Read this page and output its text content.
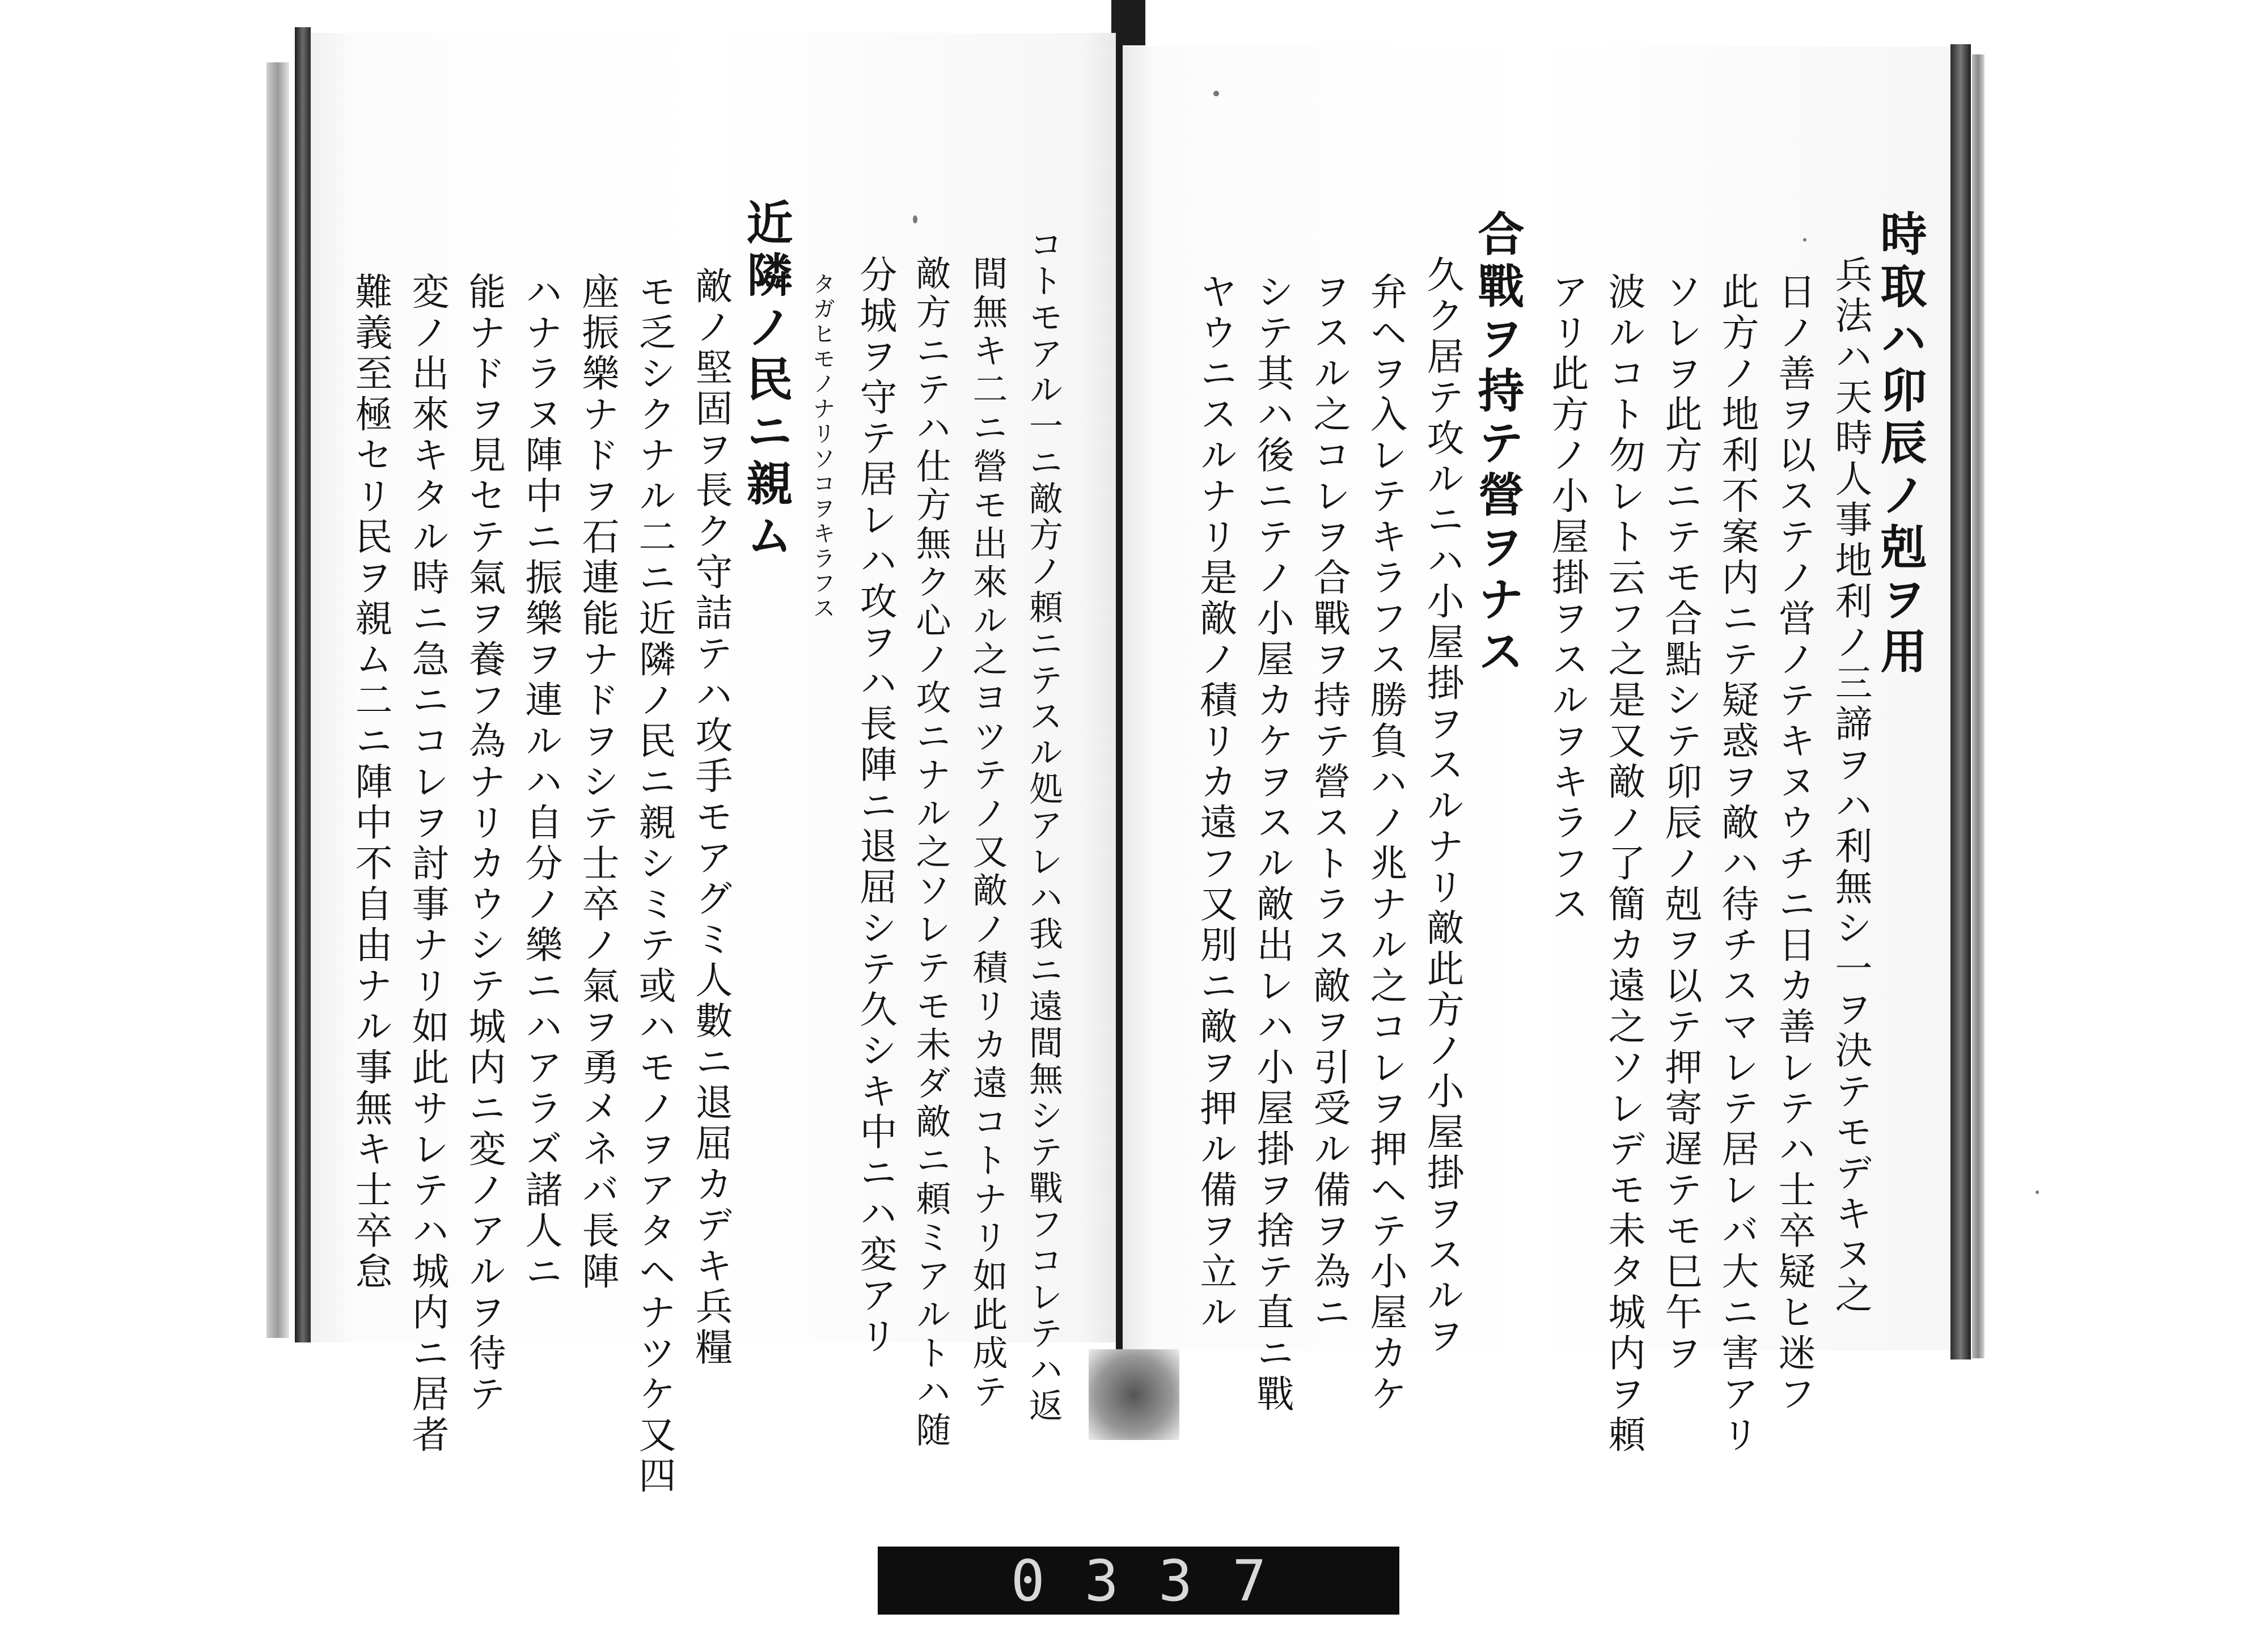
時取ハ卯辰ノ剋ヲ用
兵法ハ天時人事地利ノ三諦ヲハ利無シ一ヲ決テモデキヌ之
日ノ善ヲ以ステノ営ノテキヌウチニ日カ善レテハ士卒疑ヒ迷フ
此方ノ地利不案内ニテ疑惑ヲ敵ハ待チスマレテ居レバ大ニ害アリ
ソレヲ此方ニテモ合點シテ卯辰ノ剋ヲ以テ押寄遅テモ巳午ヲ
波ルコト勿レト云フ之是又敵ノ了簡カ遠之ソレデモ未タ城内ヲ頼
アリ此方ノ小屋掛ヲスルヲキラフス
合戰ヲ持テ營ヲナス
久ク居テ攻ルニハ小屋掛ヲスルナリ敵此方ノ小屋掛ヲスルヲ
弁ヘヲ入レテキラフス勝負ハノ兆ナル之コレヲ押ヘテ小屋カケ
ヲスル之コレヲ合戰ヲ持テ營ストラス敵ヲ引受ル備ヲ為ニ
シテ其ハ後ニテノ小屋カケヲスル敵出レハ小屋掛ヲ捨テ直ニ戰
ヤウニスルナリ是敵ノ積リカ遠フ又別ニ敵ヲ押ル備ヲ立ル
コトモアル一ニ敵方ノ頼ニテスル処アレハ我ニ遠間無シテ戰フコレテハ返
間無キ二ニ營モ出來ル之ヨツテノ又敵ノ積リカ遠コトナリ如此成テ
敵方ニテハ仕方無ク心ノ攻ニナル之ソレテモ未ダ敵ニ頼ミアルトハ随
分城ヲ守テ居レハ攻ヲハ長陣ニ退屈シテ久シキ中ニハ変アリ
タガヒモノナリソコヲキラフス
近隣ノ民ニ親ム
敵ノ堅固ヲ長ク守詰テハ攻手モアグミ人數ニ退屈カデキ兵糧
モ乏シクナル二ニ近隣ノ民ニ親シミテ或ハモノヲアタヘナツケ又四
座振樂ナドヲ石連能ナドヲシテ士卒ノ氣ヲ勇メネバ長陣
ハナラヌ陣中ニ振樂ヲ連ルハ自分ノ樂ニハアラズ諸人ニ
能ナドヲ見セテ氣ヲ養フ為ナリカウシテ城内ニ変ノアルヲ待テ
変ノ出來キタル時ニ急ニコレヲ討事ナリ如此サレテハ城内ニ居者
難義至極セリ民ヲ親ム二ニ陣中不自由ナル事無キ士卒怠
0337
